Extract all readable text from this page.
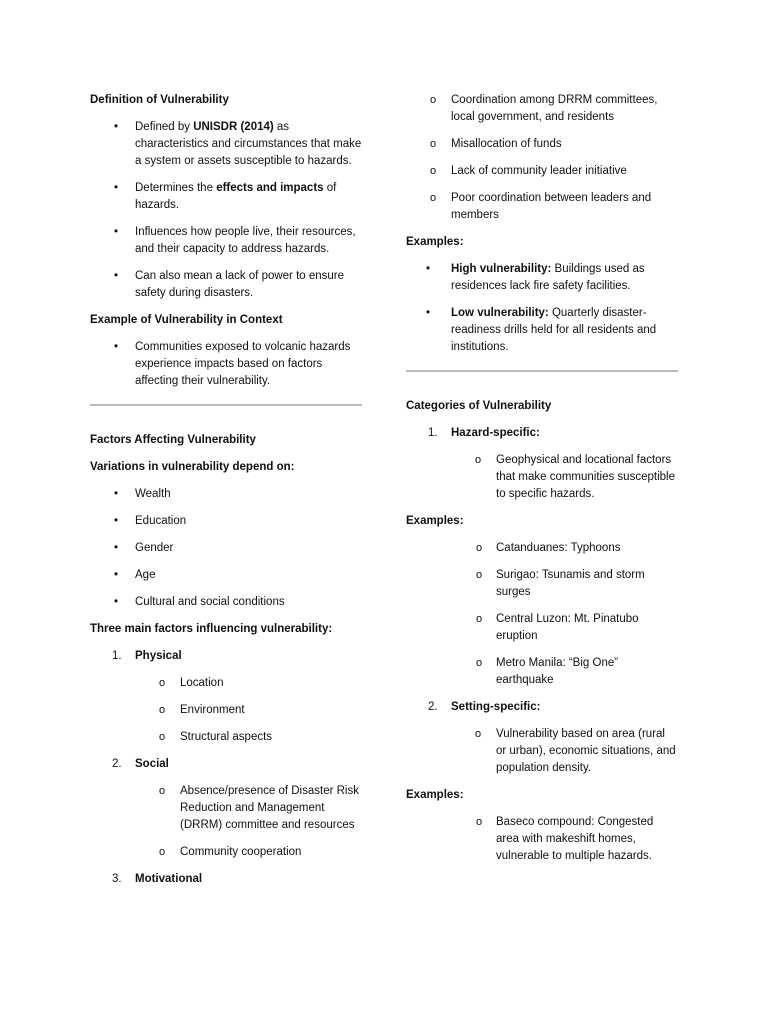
Definition of Vulnerability
• Defined by UNISDR (2014) as characteristics and circumstances that make a system or assets susceptible to hazards.
• Determines the effects and impacts of hazards.
• Influences how people live, their resources, and their capacity to address hazards.
• Can also mean a lack of power to ensure safety during disasters.
Example of Vulnerability in Context
• Communities exposed to volcanic hazards experience impacts based on factors affecting their vulnerability.
Factors Affecting Vulnerability
Variations in vulnerability depend on:
• Wealth
• Education
• Gender
• Age
• Cultural and social conditions
Three main factors influencing vulnerability:
1. Physical
o Location
o Environment
o Structural aspects
2. Social
o Absence/presence of Disaster Risk Reduction and Management (DRRM) committee and resources
o Community cooperation
3. Motivational
o Coordination among DRRM committees, local government, and residents
o Misallocation of funds
o Lack of community leader initiative
o Poor coordination between leaders and members
Examples:
• High vulnerability: Buildings used as residences lack fire safety facilities.
• Low vulnerability: Quarterly disaster-readiness drills held for all residents and institutions.
Categories of Vulnerability
1. Hazard-specific:
o Geophysical and locational factors that make communities susceptible to specific hazards.
Examples:
o Catanduanes: Typhoons
o Surigao: Tsunamis and storm surges
o Central Luzon: Mt. Pinatubo eruption
o Metro Manila: “Big One” earthquake
2. Setting-specific:
o Vulnerability based on area (rural or urban), economic situations, and population density.
Examples:
o Baseco compound: Congested area with makeshift homes, vulnerable to multiple hazards.
